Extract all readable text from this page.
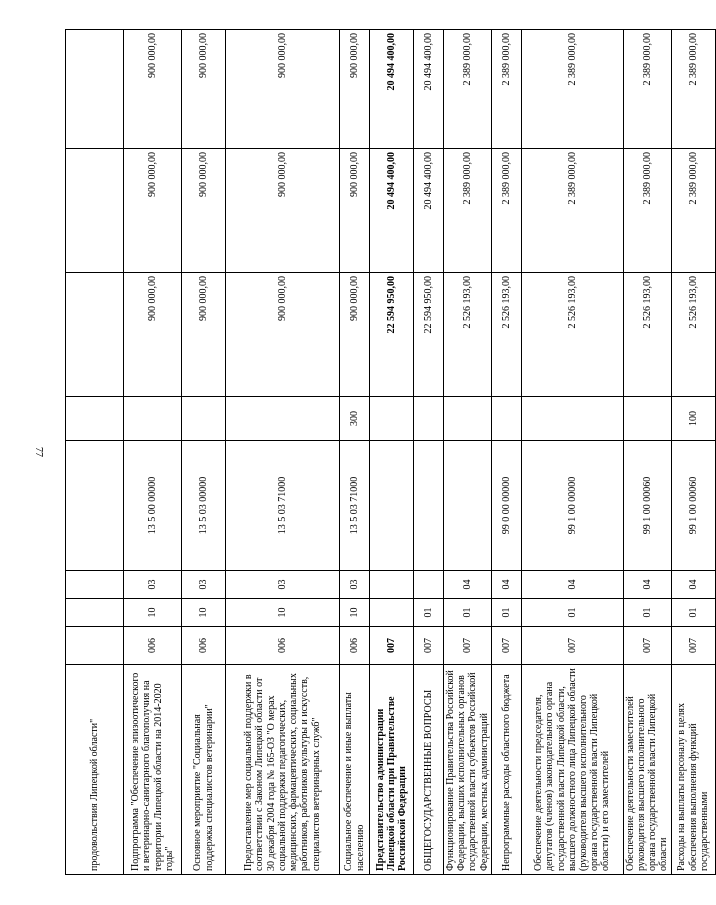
77
продовольствия Липецкой области"								
Подпрограмма "Обеспечение эпизоотического и ветеринарно-санитарного благополучия на территории Липецкой области на 2014-2020 годы"	006	10	03	13 5 00 00000		900 000,00	900 000,00	900 000,00
Основное мероприятие "Социальная поддержка специалистов ветеринарии"	006	10	03	13 5 03 00000		900 000,00	900 000,00	900 000,00
Предоставление мер социальной поддержки в соответствии с Законом Липецкой области от 30 декабря 2004 года № 165-ОЗ "О мерах социальной поддержки педагогических, медицинских, фармацевтических, социальных работников, работников культуры и искусств, специалистов ветеринарных служб"	006	10	03	13 5 03 71000		900 000,00	900 000,00	900 000,00
Социальное обеспечение и иные выплаты населению	006	10	03	13 5 03 71000	300	900 000,00	900 000,00	900 000,00
Представительство администрации Липецкой области при Правительстве Российской Федерации	007					22 594 950,00	20 494 400,00	20 494 400,00
ОБЩЕГОСУДАРСТВЕННЫЕ ВОПРОСЫ	007	01				22 594 950,00	20 494 400,00	20 494 400,00
Функционирование Правительства Российской Федерации, высших исполнительных органов государственной власти субъектов Российской Федерации, местных администраций	007	01	04			2 526 193,00	2 389 000,00	2 389 000,00
Непрограммные расходы областного бюджета	007	01	04	99 0 00 00000		2 526 193,00	2 389 000,00	2 389 000,00
Обеспечение деятельности председателя, депутатов (членов) законодательного органа государственной власти Липецкой области, высшего должностного лица Липецкой области (руководителя высшего исполнительного органа государственной власти Липецкой области) и его заместителей	007	01	04	99 1 00 00000		2 526 193,00	2 389 000,00	2 389 000,00
Обеспечение деятельности заместителей руководителя высшего исполнительного органа государственной власти Липецкой области	007	01	04	99 1 00 00060		2 526 193,00	2 389 000,00	2 389 000,00
Расходы на выплаты персоналу в целях обеспечения выполнения функций государственными	007	01	04	99 1 00 00060	100	2 526 193,00	2 389 000,00	2 389 000,00
